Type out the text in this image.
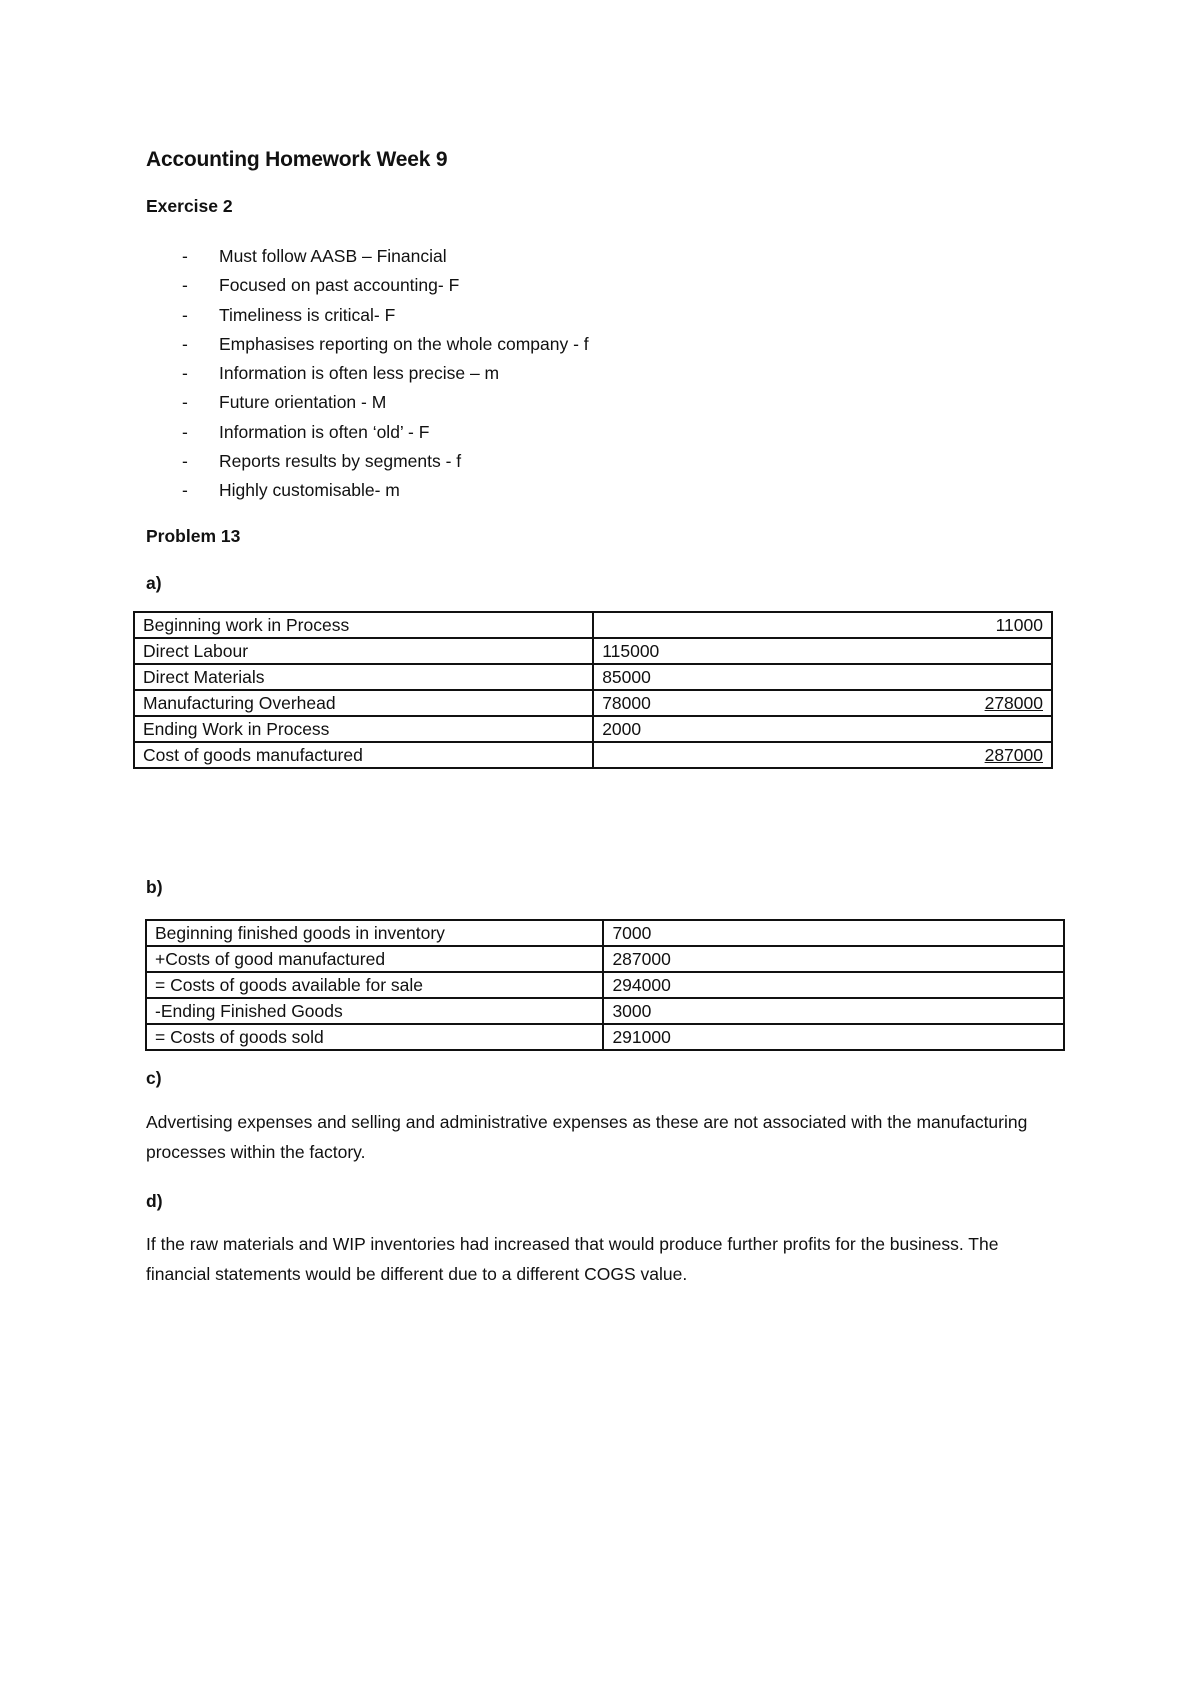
Accounting Homework Week 9
Exercise 2
- Must follow AASB – Financial
- Focused on past accounting- F
- Timeliness is critical- F
- Emphasises reporting on the whole company - f
- Information is often less precise – m
- Future orientation - M
- Information is often ‘old’ - F
- Reports results by segments - f
- Highly customisable- m
Problem 13
a)
Beginning work in Process	11000
Direct Labour	115000
Direct Materials	85000
Manufacturing Overhead	78000 278000

Ending Work in Process	2000
Cost of goods manufactured	287000
b)
Beginning finished goods in inventory	7000
+Costs of good manufactured	287000
= Costs of goods available for sale	294000
-Ending Finished Goods	3000
= Costs of goods sold	291000
c)
Advertising expenses and selling and administrative expenses as these are not associated with the manufacturing processes within the factory.
d)
If the raw materials and WIP inventories had increased that would produce further profits for the business. The financial statements would be different due to a different COGS value.
